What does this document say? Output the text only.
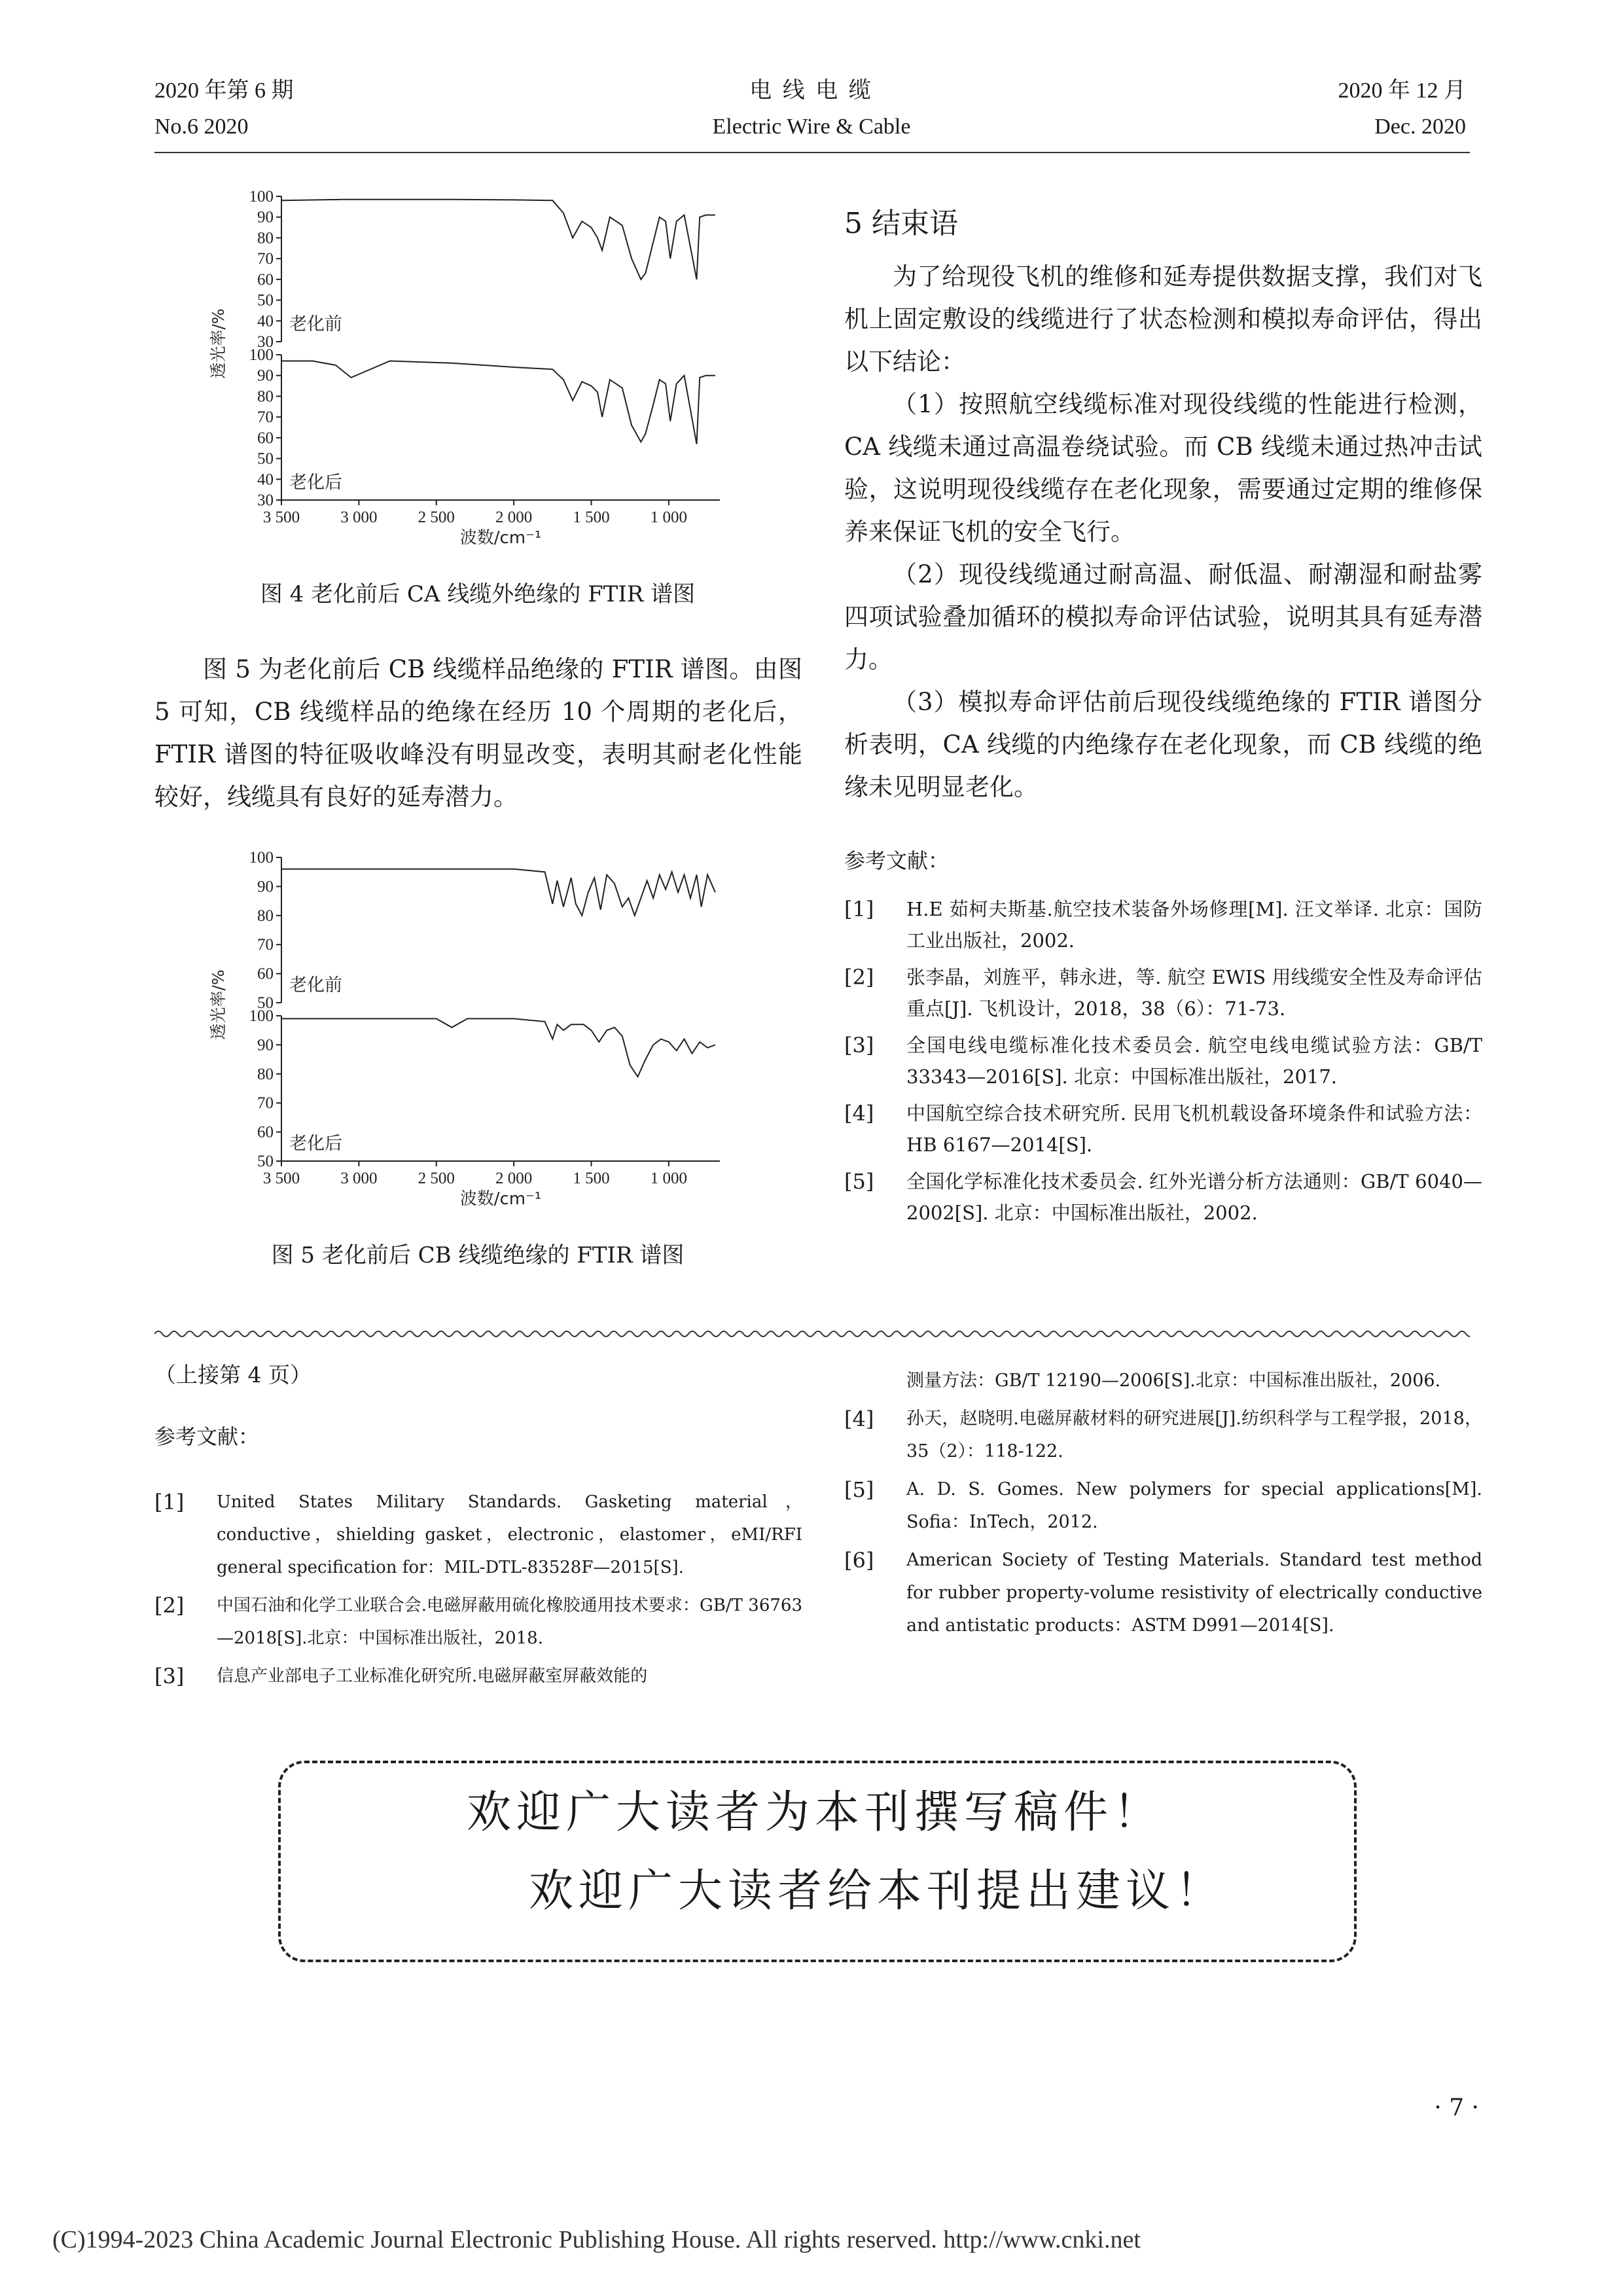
2020 年第 6 期
No.6 2020
电 线 电 缆
Electric Wire & Cable
2020 年 12 月
Dec. 2020
透光率/% 30
40
50
60
70
80
90
100
老化前
30
40
50
60
70
80
90
100
老化后
3 500 3 000 2 500 2 000 1 500 1 000
波数/cm⁻¹
图 4 老化前后 CA 线缆外绝缘的 FTIR 谱图
图 5 为老化前后 CB 线缆样品绝缘的 FTIR 谱图。由图 5 可知，CB 线缆样品的绝缘在经历 10 个周期的老化后，FTIR 谱图的特征吸收峰没有明显改变，表明其耐老化性能较好，线缆具有良好的延寿潜力。
透光率/% 50
60
70
80
90
100
老化前
50
60
70
80
90
100
老化后
3 500 3 000 2 500 2 000 1 500 1 000
波数/cm⁻¹
图 5 老化前后 CB 线缆绝缘的 FTIR 谱图
5 结束语
为了给现役飞机的维修和延寿提供数据支撑，我们对飞机上固定敷设的线缆进行了状态检测和模拟寿命评估，得出以下结论：
（1）按照航空线缆标准对现役线缆的性能进行检测，CA 线缆未通过高温卷绕试验。而 CB 线缆未通过热冲击试验，这说明现役线缆存在老化现象，需要通过定期的维修保养来保证飞机的安全飞行。
（2）现役线缆通过耐高温、耐低温、耐潮湿和耐盐雾四项试验叠加循环的模拟寿命评估试验，说明其具有延寿潜力。
（3）模拟寿命评估前后现役线缆绝缘的 FTIR 谱图分析表明，CA 线缆的内绝缘存在老化现象，而 CB 线缆的绝缘未见明显老化。
参考文献：
[1]	H.E 茹柯夫斯基.航空技术装备外场修理[M]. 汪文举译. 北京：国防工业出版社，2002.
[2]	张李晶，刘旌平，韩永进，等. 航空 EWIS 用线缆安全性及寿命评估重点[J]. 飞机设计，2018，38（6）：71-73.
[3]	全国电线电缆标准化技术委员会. 航空电线电缆试验方法：GB/T 33343—2016[S]. 北京：中国标准出版社，2017.
[4]	中国航空综合技术研究所. 民用飞机机载设备环境条件和试验方法：HB 6167—2014[S].
[5]	全国化学标准化技术委员会. 红外光谱分析方法通则：GB/T 6040—2002[S]. 北京：中国标准出版社，2002.
（上接第 4 页）
参考文献：
[1]	United States Military Standards. Gasketing material，conductive，shielding gasket，electronic，elastomer，eMI/RFI general specification for：MIL-DTL-83528F—2015[S].
[2]	中国石油和化学工业联合会.电磁屏蔽用硫化橡胶通用技术要求：GB/T 36763—2018[S].北京：中国标准出版社，2018.
[3]	信息产业部电子工业标准化研究所.电磁屏蔽室屏蔽效能的
测量方法：GB/T 12190—2006[S].北京：中国标准出版社，2006.
[4]	孙天，赵晓明.电磁屏蔽材料的研究进展[J].纺织科学与工程学报，2018，35（2）：118-122.
[5]	A. D. S. Gomes. New polymers for special applications[M]. Sofia：InTech，2012.
[6]	American Society of Testing Materials. Standard test method for rubber property-volume resistivity of electrically conductive and antistatic products：ASTM D991—2014[S].
欢迎广大读者为本刊撰写稿件！
欢迎广大读者给本刊提出建议！
· 7 ·
(C)1994-2023 China Academic Journal Electronic Publishing House. All rights reserved. http://www.cnki.net
